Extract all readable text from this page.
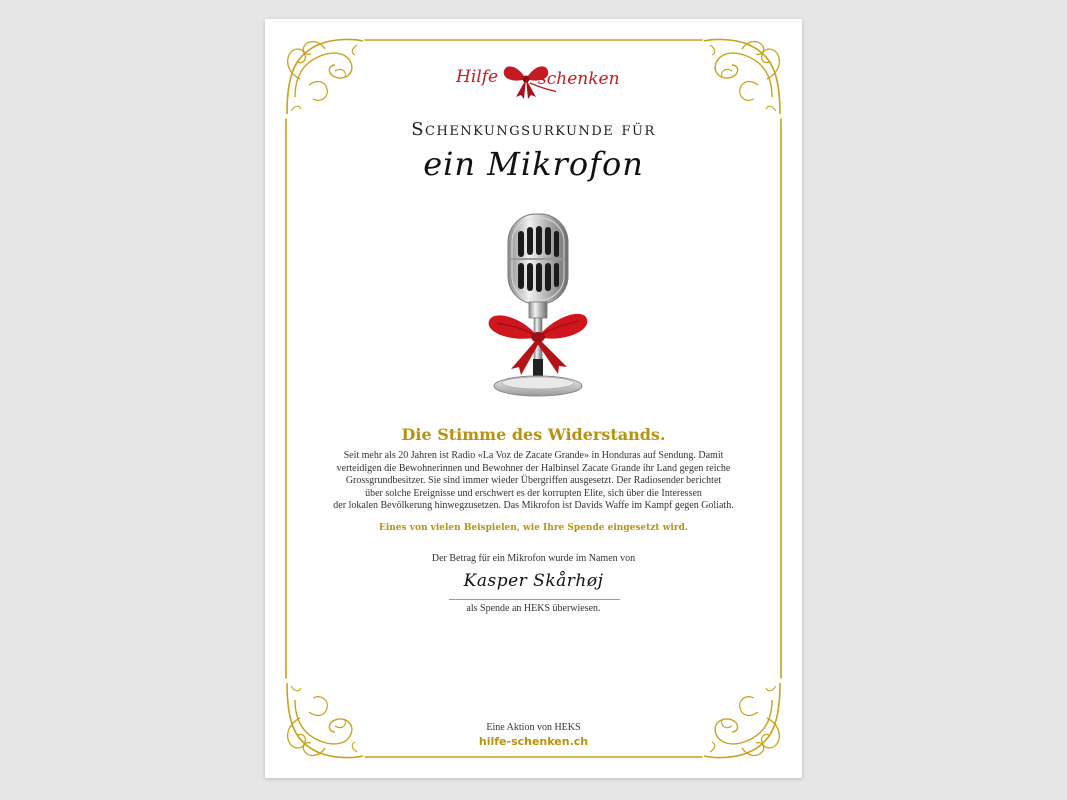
Hilfe schenken
Schenkungsurkunde für
ein Mikrofon
Die Stimme des Widerstands.
Seit mehr als 20 Jahren ist Radio «La Voz de Zacate Grande» in Honduras auf Sendung. Damit
verteidigen die Bewohnerinnen und Bewohner der Halbinsel Zacate Grande ihr Land gegen reiche
Grossgrundbesitzer. Sie sind immer wieder Übergriffen ausgesetzt. Der Radiosender berichtet
über solche Ereignisse und erschwert es der korrupten Elite, sich über die Interessen
der lokalen Bevölkerung hinwegzusetzen. Das Mikrofon ist Davids Waffe im Kampf gegen Goliath.
Eines von vielen Beispielen, wie Ihre Spende eingesetzt wird.
Der Betrag für ein Mikrofon wurde im Namen von
Kasper Skårhøj
als Spende an HEKS überwiesen.
Eine Aktion von HEKS
hilfe-schenken.ch
